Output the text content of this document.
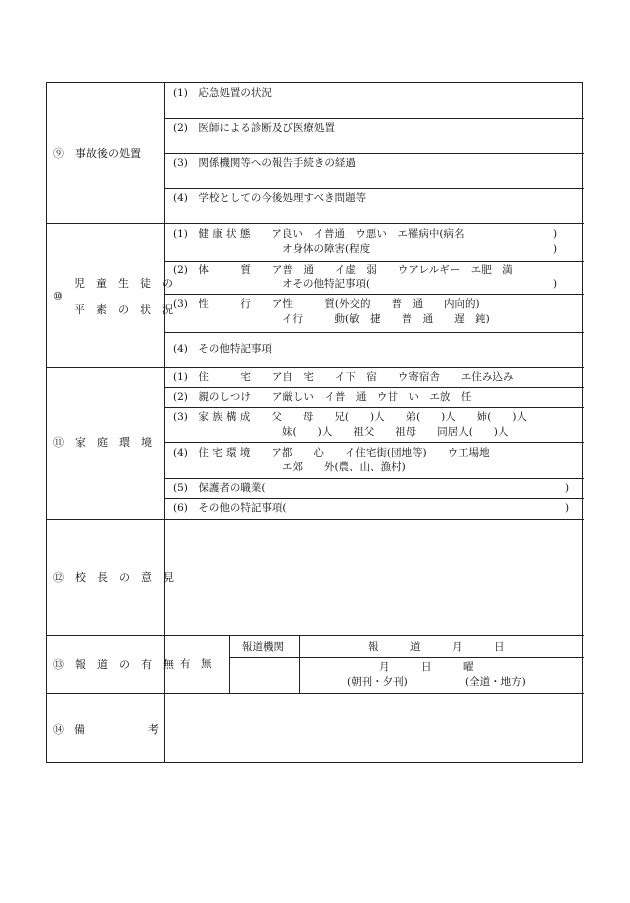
⑨　事故後の処置
(1)　応急処置の状況
(2)　医師による診断及び医療処置
(3)　関係機関等への報告手続きの経過
(4)　学校としての今後処理すべき問題等
児　童　生　徒　の
⑩
平　素　の　状　況
(1)　健 康 状 態　　ア良い　イ普通　ウ悪い　エ罹病中(病名	)
オ身体の障害(程度	)
(2)　体　　　質　　ア普　通　　イ虚　弱　　ウアレルギー　エ肥　満
オその他特記事項(	)
(3)　性　　　行　　ア性　　　質(外交的　　普　通　　内向的)
イ行　　　動(敏　捷　　普　通　　遅　鈍)
(4)　その他特記事項
⑪　家　庭　環　境
(1)　住　　　宅　　ア自　宅　　イ下　宿　　ウ寄宿舎　　エ住み込み
(2)　親のしつけ　　ア厳しい　イ普　通　ウ甘　い　エ放　任
(3)　家 族 構 成　　父　　母　　兄(　　)人　　弟(　　)人　　姉(　　)人
妹(　　)人　　祖父　　祖母　　同居人(　　)人
(4)　住 宅 環 境　　ア都　　心　　イ住宅街(団地等)　　ウ工場地
エ郊　　外(農、山、漁村)
(5)　保護者の職業(	)
(6)　その他の特記事項(	)
⑫　校　長　の　意　見
⑬　報　道　の　有　無 有　無
報道機関	報　　　道　　　月　　　日
月　　　日　　　曜
(朝刊・夕刊)	(全道・地方)
⑭ 備	考
